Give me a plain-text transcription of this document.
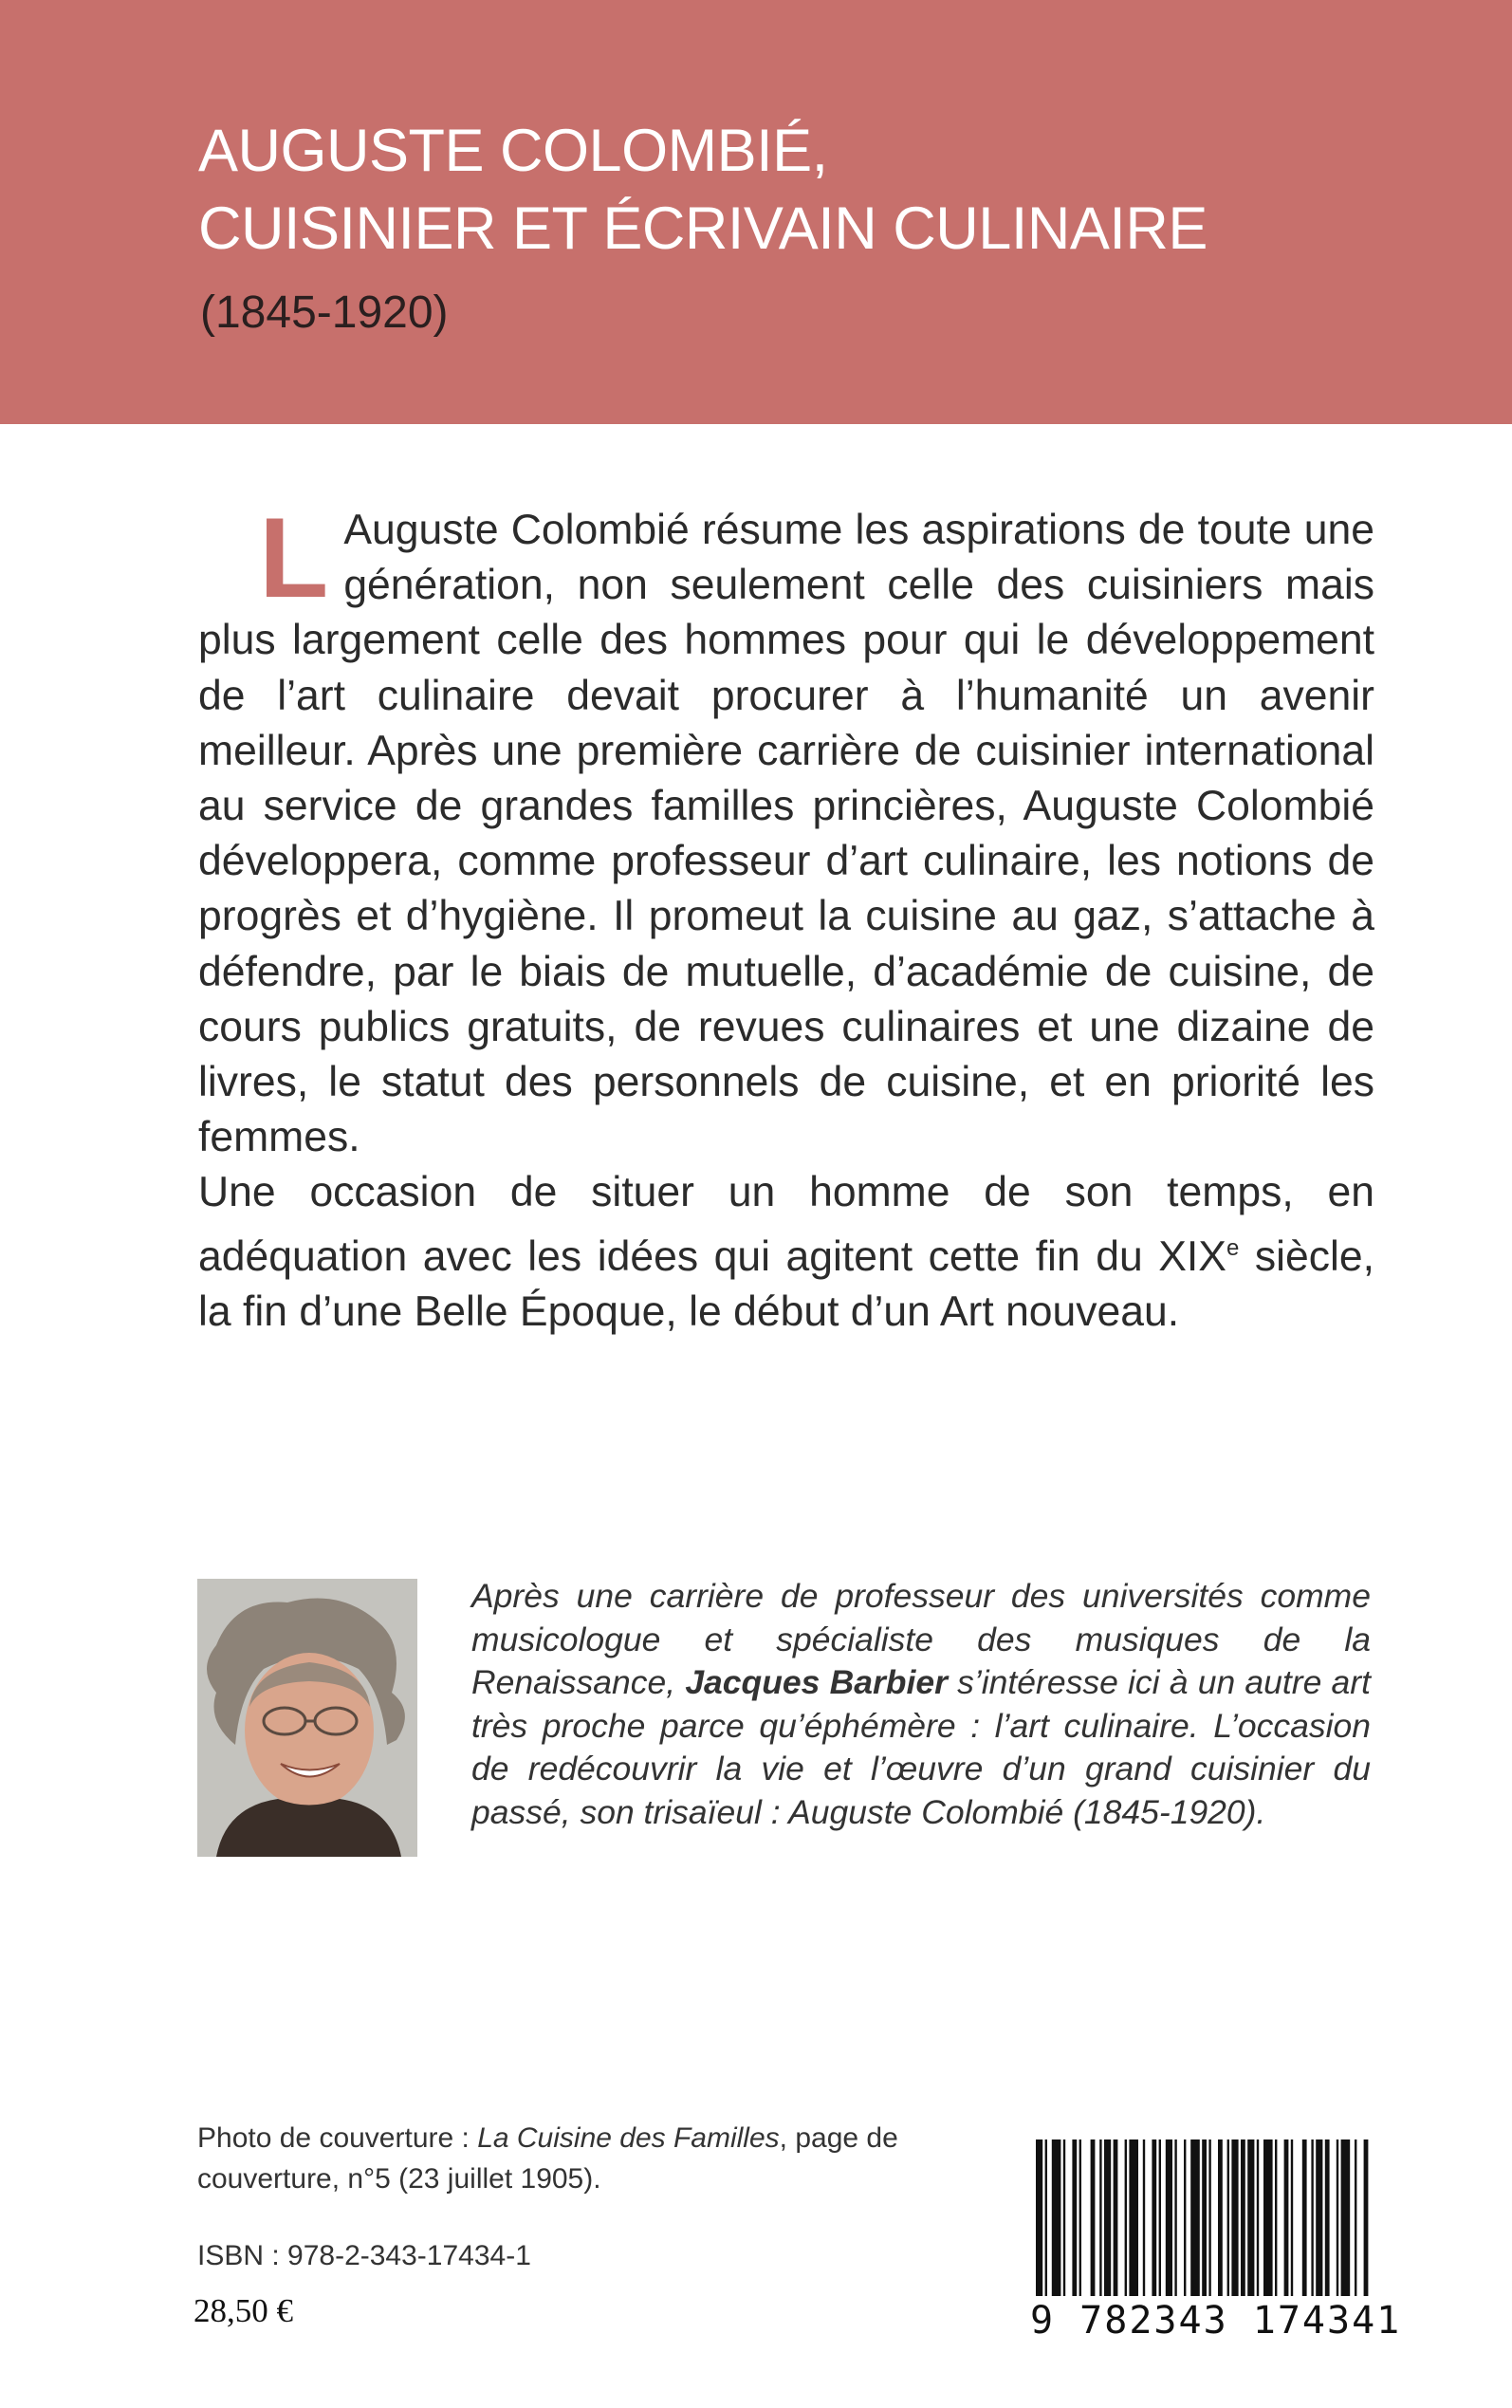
AUGUSTE COLOMBIÉ,
CUISINIER ET ÉCRIVAIN CULINAIRE
(1845-1920)

L Auguste Colombié résume les aspirations de toute une génération, non seulement celle des cuisiniers mais plus largement celle des hommes pour qui le développement de l’art culinaire devait procurer à l’humanité un avenir meilleur. Après une première carrière de cuisinier international au service de grandes familles princières, Auguste Colombié développera, comme professeur d’art culinaire, les notions de progrès et d’hygiène. Il promeut la cuisine au gaz, s’attache à défendre, par le biais de mutuelle, d’académie de cuisine, de cours publics gratuits, de revues culinaires et une dizaine de livres, le statut des personnels de cuisine, et en priorité les femmes.

Une occasion de situer un homme de son temps, en adéquation avec les idées qui agitent cette fin du XIXe siècle, la fin d’une Belle Époque, le début d’un Art nouveau.

Après une carrière de professeur des universités comme musicologue et spécialiste des musiques de la Renaissance, Jacques Barbier s’intéresse ici à un autre art très proche parce qu’éphémère : l’art culinaire. L’occasion de redécouvrir la vie et l’œuvre d’un grand cuisinier du passé, son trisaïeul : Auguste Colombié (1845-1920).
Photo de couverture : La Cuisine des Familles, page de couverture, n°5 (23 juillet 1905).
ISBN : 978-2-343-17434-1
28,50 €	9 782343 174341
